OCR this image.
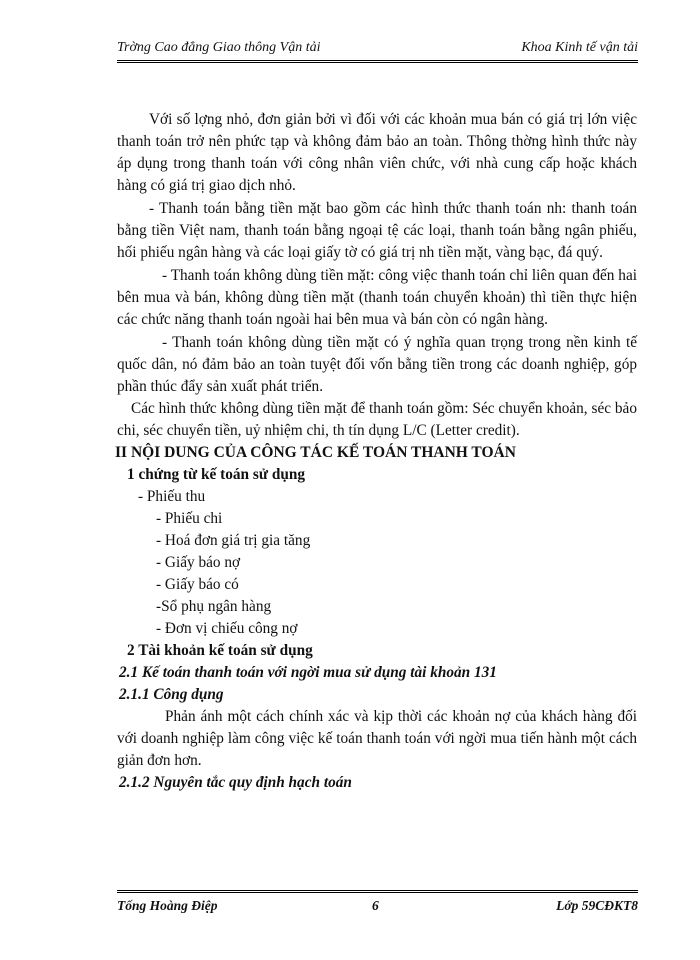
Trờng Cao đẳng Giao thông Vận tải	Khoa Kinh tế vận tải

Với số lợng nhỏ, đơn giản bởi vì đối với các khoản mua bán có giá trị lớn việc thanh toán trở nên phức tạp và không đảm bảo an toàn. Thông thờng hình thức này áp dụng trong thanh toán với công nhân viên chức, với nhà cung cấp hoặc khách hàng có giá trị giao dịch nhỏ.

- Thanh toán bằng tiền mặt bao gồm các hình thức thanh toán nh: thanh toán bằng tiền Việt nam, thanh toán bằng ngoại tệ các loại, thanh toán bằng ngân phiếu, hối phiếu ngân hàng và các loại giấy tờ có giá trị nh tiền mặt, vàng bạc, đá quý.

- Thanh toán không dùng tiền mặt: công việc thanh toán chỉ liên quan đến hai bên mua và bán, không dùng tiền mặt (thanh toán chuyển khoản) thì tiền thực hiện các chức năng thanh toán ngoài hai bên mua và bán còn có ngân hàng.

- Thanh toán không dùng tiền mặt có ý nghĩa quan trọng trong nền kinh tế quốc dân, nó đảm bảo an toàn tuyệt đối vốn bằng tiền trong các doanh nghiệp, góp phần thúc đẩy sản xuất phát triển.

Các hình thức không dùng tiền mặt để thanh toán gồm: Séc chuyển khoản, séc bảo chi, séc chuyển tiền, uỷ nhiệm chi, th tín dụng L/C (Letter credit).

II NỘI DUNG CỦA CÔNG TÁC KẾ TOÁN THANH TOÁN
1 chứng từ kế toán sử dụng
- Phiếu thu
- Phiếu chi
- Hoá đơn giá trị gia tăng
- Giấy báo nợ
- Giấy báo có
-Sổ phụ ngân hàng
- Đơn vị chiếu công nợ
2 Tài khoản kế toán sử dụng
2.1 Kế toán thanh toán với ngời mua sử dụng tài khoản 131
2.1.1 Công dụng

Phản ánh một cách chính xác và kịp thời các khoản nợ của khách hàng đối với doanh nghiệp làm công việc kế toán thanh toán với ngời mua tiến hành một cách giản đơn hơn.

2.1.2 Nguyên tắc quy định hạch toán
Tống Hoàng Điệp	6	Lớp 59CĐKT8
